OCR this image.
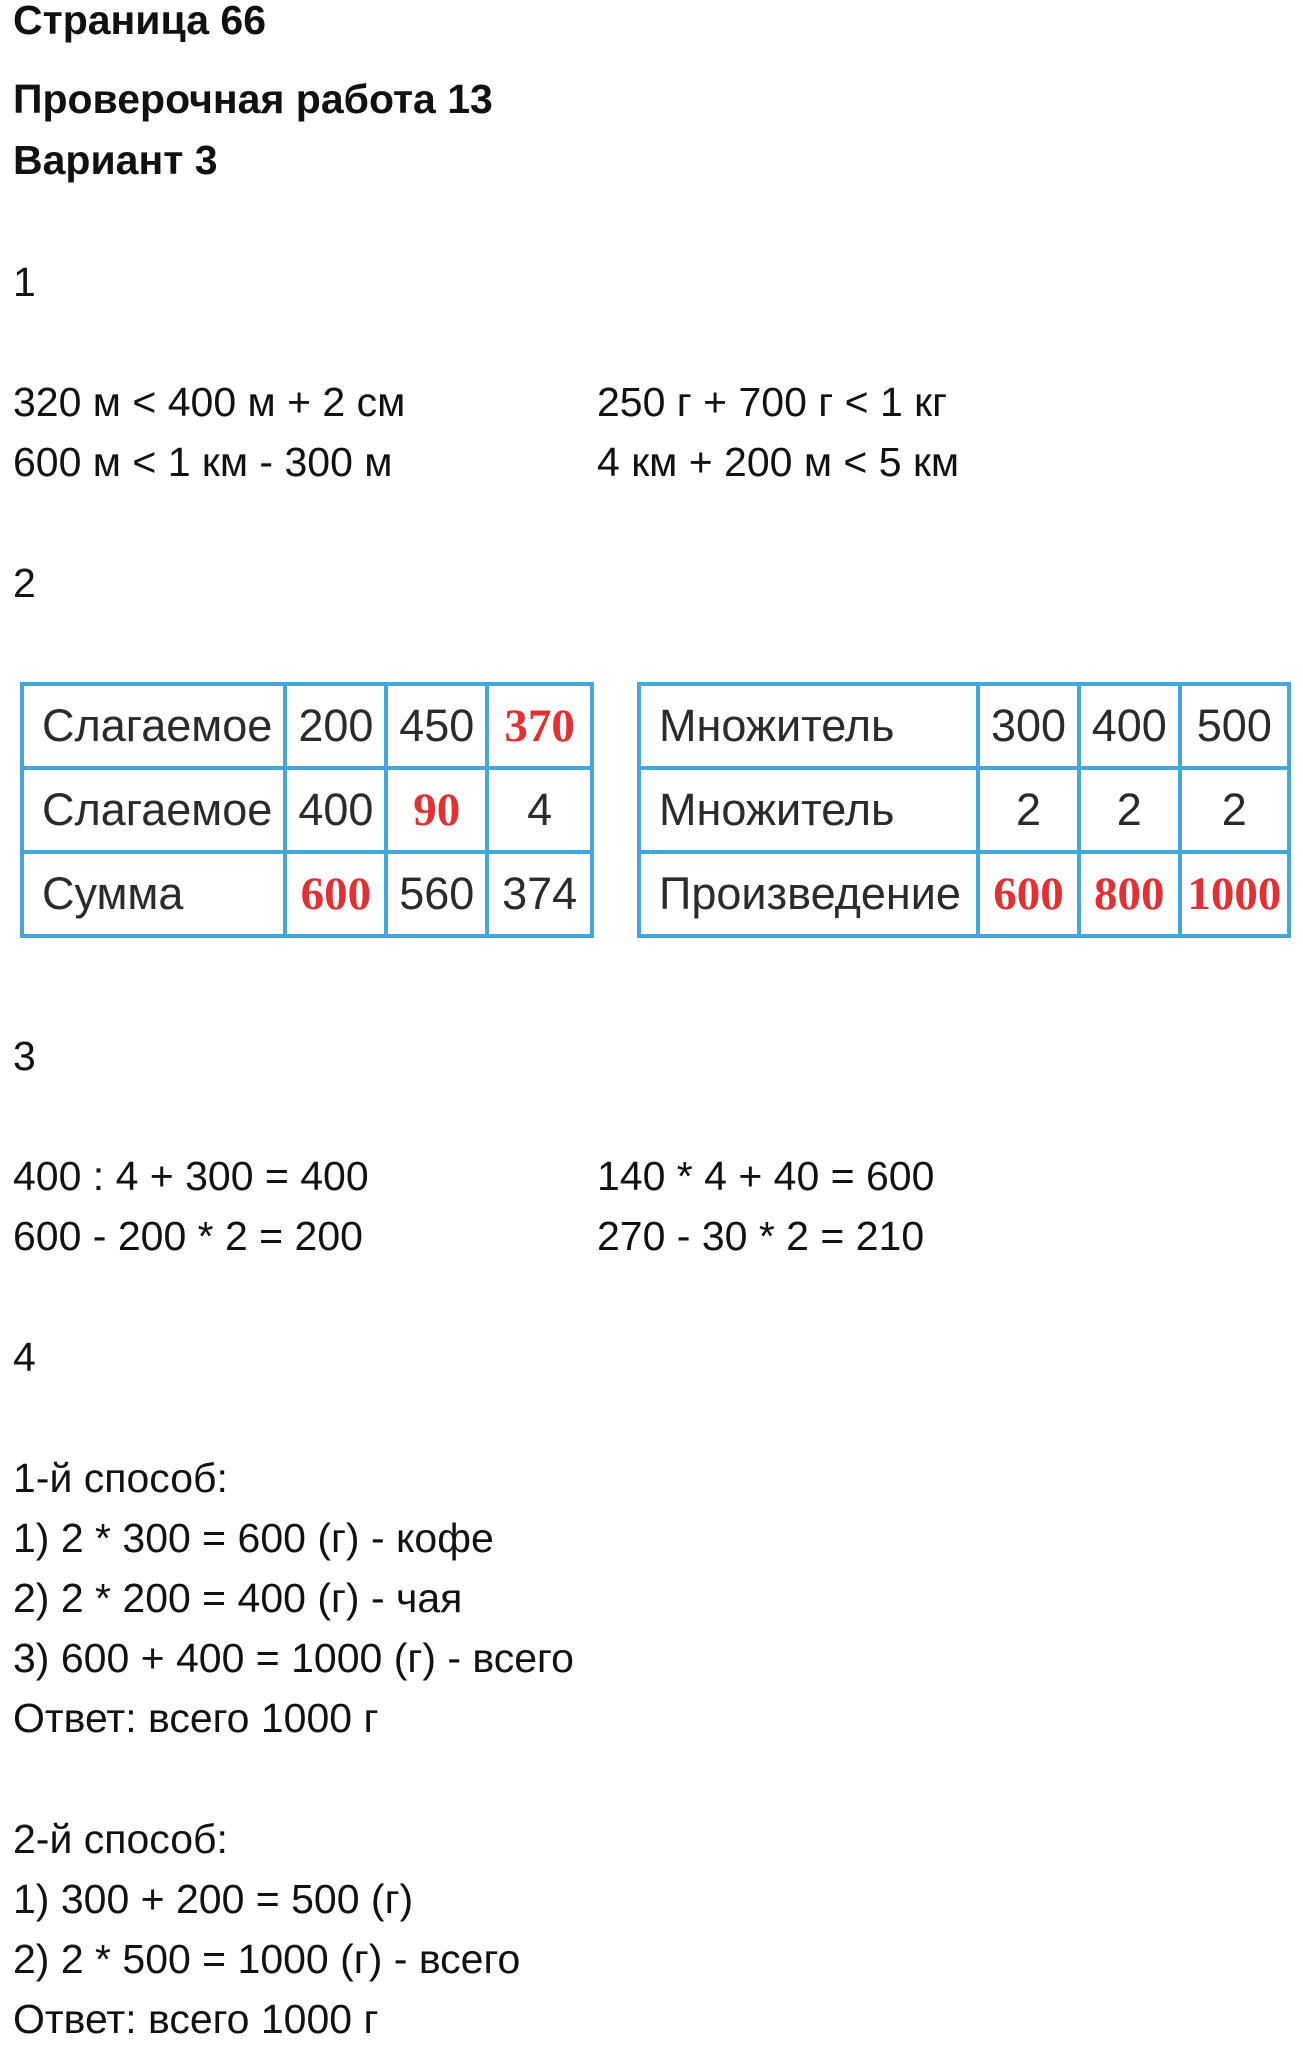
Страница 66
Проверочная работа 13
Вариант 3
1
320 м < 400 м + 2 см
600 м < 1 км - 300 м
250 г + 700 г < 1 кг
4 км + 200 м < 5 км
2
Слагаемое	200	450	370
Слагаемое	400	90	4
Сумма	600	560	374
Множитель	300	400	500
Множитель	2	2	2
Произведение	600	800	1000
3
400 : 4 + 300 = 400
600 - 200 * 2 = 200
140 * 4 + 40 = 600
270 - 30 * 2 = 210
4
1-й способ:
1) 2 * 300 = 600 (г) - кофе
2) 2 * 200 = 400 (г) - чая
3) 600 + 400 = 1000 (г) - всего
Ответ: всего 1000 г
2-й способ:
1) 300 + 200 = 500 (г)
2) 2 * 500 = 1000 (г) - всего
Ответ: всего 1000 г
